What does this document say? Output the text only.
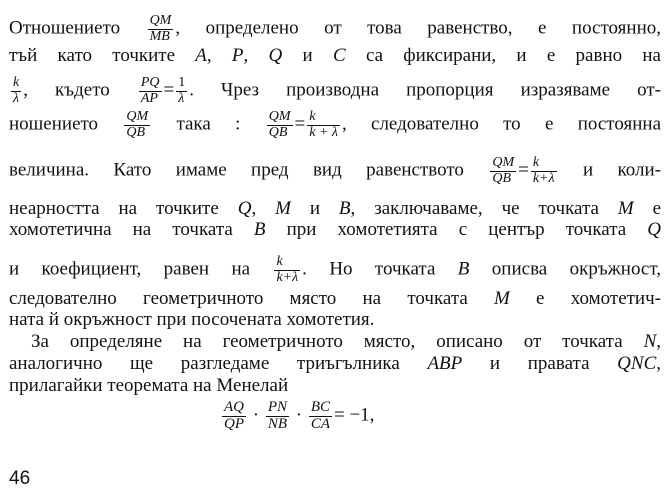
Отношението $\frac{QM}{MB}$ , определено от това равенство, е постоянно,
тъй като точките A, P, Q и C са фиксирани, и е равно на
$\frac{k}{\lambda}$ , където $\frac{PQ}{AP} = \frac{1}{\lambda}$ . Чрез производна пропорция изразяваме от-
ношението $\frac{QM}{QB}$ така : $\frac{QM}{QB} = \frac{k}{k + \lambda}$ , следователно то е постоянна
величина. Като имаме пред вид равенството $\frac{QM}{QB} = \frac{k}{k+\lambda}$ и коли-
неарността на точките Q, M и B, заключаваме, че точката M е
хомотетична на точката B при хомотетията с център точката Q
и коефициент, равен на $\frac{k}{k+\lambda}$ . Но точката B описва окръжност,
следователно геометричното място на точката M е хомотетич-
ната й окръжност при посочената хомотетия.
За определяне на геометричното място, описано от точката N,
аналогично ще разгледаме триъгълника ABP и правата QNC,
прилагайки теоремата на Менелай
$\frac{AQ}{QP} \cdot \frac{PN}{NB} \cdot \frac{BC}{CA} = -1$,
46
